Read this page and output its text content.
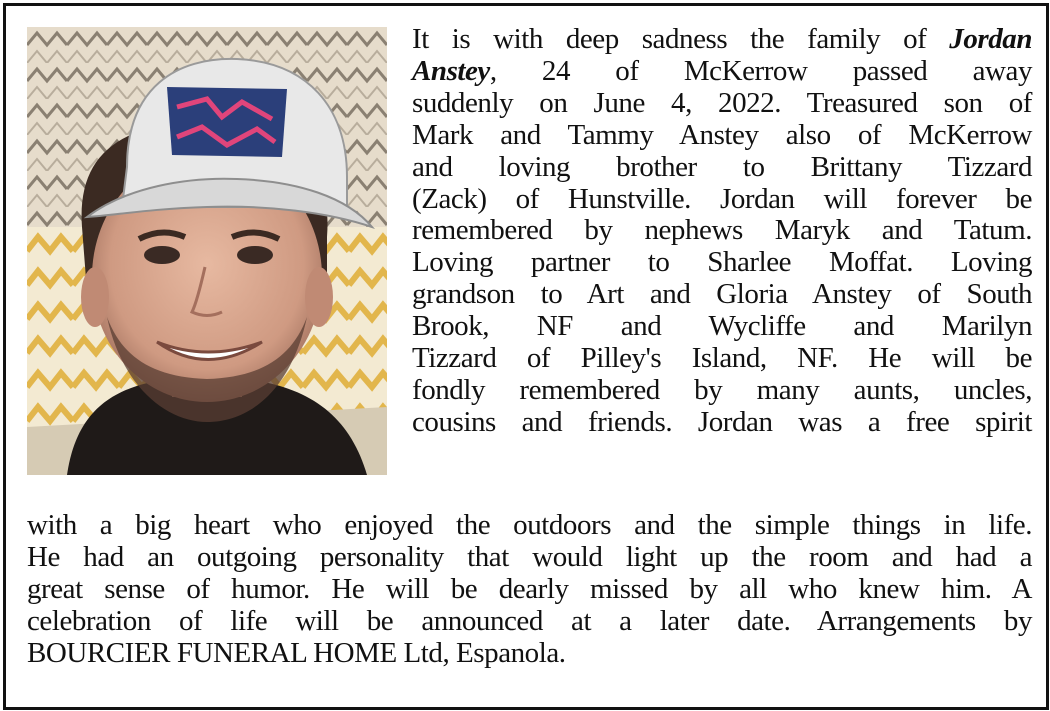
It is with deep sadness the family of Jordan
Anstey, 24 of McKerrow passed away
suddenly on June 4, 2022. Treasured son of
Mark and Tammy Anstey also of McKerrow
and loving brother to Brittany Tizzard
(Zack) of Hunstville. Jordan will forever be
remembered by nephews Maryk and Tatum.
Loving partner to Sharlee Moffat. Loving
grandson to Art and Gloria Anstey of South
Brook, NF and Wycliffe and Marilyn
Tizzard of Pilley's Island, NF. He will be
fondly remembered by many aunts, uncles,
cousins and friends. Jordan was a free spirit
with a big heart who enjoyed the outdoors and the simple things in life.
He had an outgoing personality that would light up the room and had a
great sense of humor. He will be dearly missed by all who knew him. A
celebration of life will be announced at a later date. Arrangements by
BOURCIER FUNERAL HOME Ltd, Espanola.
